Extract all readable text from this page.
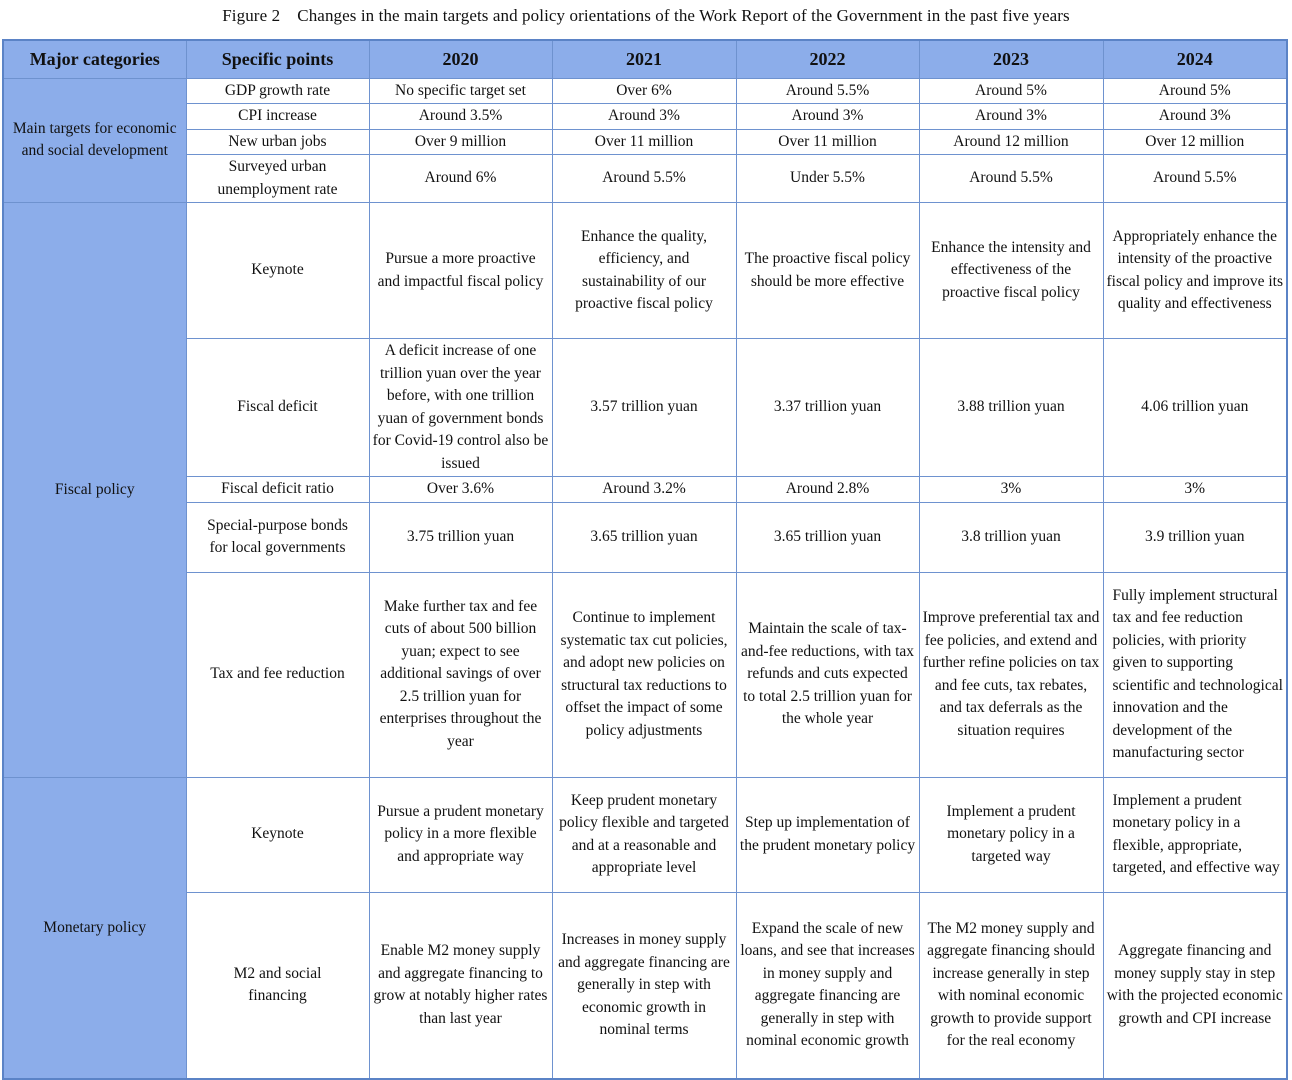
Figure 2 Changes in the main targets and policy orientations of the Work Report of the Government in the past five years
Major categories	Specific points	2020	2021	2022	2023	2024
Main targets for economic and social development	GDP growth rate	No specific target set	Over 6%	Around 5.5%	Around 5%	Around 5%
	CPI increase	Around 3.5%	Around 3%	Around 3%	Around 3%	Around 3%
	New urban jobs	Over 9 million	Over 11 million	Over 11 million	Around 12 million	Over 12 million
	Surveyed urban unemployment rate	Around 6%	Around 5.5%	Under 5.5%	Around 5.5%	Around 5.5%
Fiscal policy	Keynote	Pursue a more proactive and impactful fiscal policy	Enhance the quality, efficiency, and sustainability of our proactive fiscal policy	The proactive fiscal policy should be more effective	Enhance the intensity and effectiveness of the proactive fiscal policy	Appropriately enhance the intensity of the proactive fiscal policy and improve its quality and effectiveness
	Fiscal deficit	A deficit increase of one trillion yuan over the year before, with one trillion yuan of government bonds for Covid-19 control also be issued	3.57 trillion yuan	3.37 trillion yuan	3.88 trillion yuan	4.06 trillion yuan
	Fiscal deficit ratio	Over 3.6%	Around 3.2%	Around 2.8%	3%	3%
	Special-purpose bonds for local governments	3.75 trillion yuan	3.65 trillion yuan	3.65 trillion yuan	3.8 trillion yuan	3.9 trillion yuan
	Tax and fee reduction	Make further tax and fee cuts of about 500 billion yuan; expect to see additional savings of over 2.5 trillion yuan for enterprises throughout the year	Continue to implement systematic tax cut policies, and adopt new policies on structural tax reductions to offset the impact of some policy adjustments	Maintain the scale of tax-and-fee reductions, with tax refunds and cuts expected to total 2.5 trillion yuan for the whole year	Improve preferential tax and fee policies, and extend and further refine policies on tax and fee cuts, tax rebates, and tax deferrals as the situation requires	Fully implement structural tax and fee reduction policies, with priority given to supporting scientific and technological innovation and the development of the manufacturing sector
Monetary policy	Keynote	Pursue a prudent monetary policy in a more flexible and appropriate way	Keep prudent monetary policy flexible and targeted and at a reasonable and appropriate level	Step up implementation of the prudent monetary policy	Implement a prudent monetary policy in a targeted way	Implement a prudent monetary policy in a flexible, appropriate, targeted, and effective way
	M2 and social financing	Enable M2 money supply and aggregate financing to grow at notably higher rates than last year	Increases in money supply and aggregate financing are generally in step with economic growth in nominal terms	Expand the scale of new loans, and see that increases in money supply and aggregate financing are generally in step with nominal economic growth	The M2 money supply and aggregate financing should increase generally in step with nominal economic growth to provide support for the real economy	Aggregate financing and money supply stay in step with the projected economic growth and CPI increase
